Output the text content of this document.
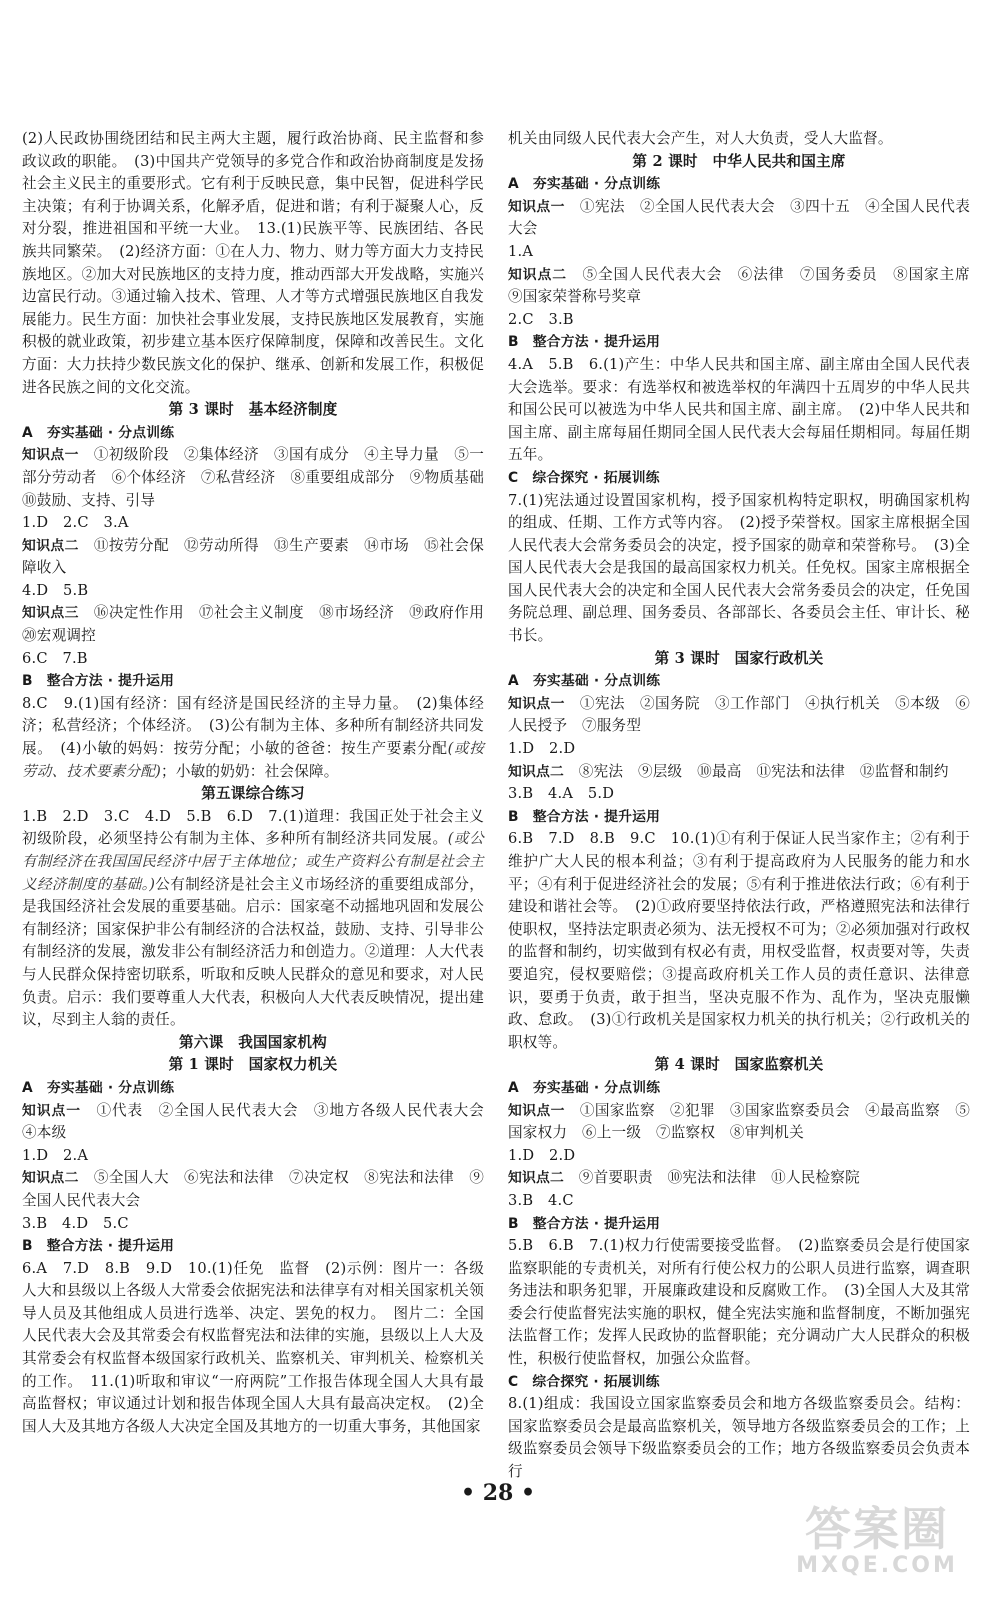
(2)人民政协围绕团结和民主两大主题，履行政治协商、民主监督和参政议政的职能。　(3)中国共产党领导的多党合作和政治协商制度是发扬社会主义民主的重要形式。它有利于反映民意，集中民智，促进科学民主决策；有利于协调关系，化解矛盾，促进和谐；有利于凝聚人心，反对分裂，推进祖国和平统一大业。　13.(1)民族平等、民族团结、各民族共同繁荣。　(2)经济方面：①在人力、物力、财力等方面大力支持民族地区。②加大对民族地区的支持力度，推动西部大开发战略，实施兴边富民行动。③通过输入技术、管理、人才等方式增强民族地区自我发展能力。民生方面：加快社会事业发展，支持民族地区发展教育，实施积极的就业政策，初步建立基本医疗保障制度，保障和改善民生。文化方面：大力扶持少数民族文化的保护、继承、创新和发展工作，积极促进各民族之间的文化交流。

第 3 课时　基本经济制度

A　夯实基础 · 分点训练

知识点一　 ①初级阶段　②集体经济　③国有成分　④主导力量　⑤一部分劳动者　⑥个体经济　⑦私营经济　⑧重要组成部分　⑨物质基础　⑩鼓励、支持、引导

1.D　2.C　3.A

知识点二　 ⑪按劳分配　⑫劳动所得　⑬生产要素　⑭市场　⑮社会保障收入

4.D　5.B

知识点三　 ⑯决定性作用　⑰社会主义制度　⑱市场经济　⑲政府作用　⑳宏观调控

6.C　7.B

B　整合方法 · 提升运用

8.C　9.(1)国有经济：国有经济是国民经济的主导力量。　(2)集体经济；私营经济；个体经济。　(3)公有制为主体、多种所有制经济共同发展。　(4)小敏的妈妈：按劳分配；小敏的爸爸：按生产要素分配(或按劳动、技术要素分配)；小敏的奶奶：社会保障。

第五课综合练习

1.B　2.D　3.C　4.D　5.B　6.D　7.(1)道理：我国正处于社会主义初级阶段，必须坚持公有制为主体、多种所有制经济共同发展。(或公有制经济在我国国民经济中居于主体地位；或生产资料公有制是社会主义经济制度的基础。)公有制经济是社会主义市场经济的重要组成部分，是我国经济社会发展的重要基础。启示：国家毫不动摇地巩固和发展公有制经济；国家保护非公有制经济的合法权益，鼓励、支持、引导非公有制经济的发展，激发非公有制经济活力和创造力。②道理：人大代表与人民群众保持密切联系，听取和反映人民群众的意见和要求，对人民负责。启示：我们要尊重人大代表，积极向人大代表反映情况，提出建议，尽到主人翁的责任。

第六课　我国国家机构

第 1 课时　国家权力机关

A　夯实基础 · 分点训练

知识点一　 ①代表　②全国人民代表大会　③地方各级人民代表大会　④本级

1.D　2.A

知识点二　 ⑤全国人大　⑥宪法和法律　⑦决定权　⑧宪法和法律　⑨全国人民代表大会

3.B　4.D　5.C

B　整合方法 · 提升运用

6.A　7.D　8.B　9.D　10.(1)任免　监督　(2)示例：图片一：各级人大和县级以上各级人大常委会依据宪法和法律享有对相关国家机关领导人员及其他组成人员进行选举、决定、罢免的权力。　图片二：全国人民代表大会及其常委会有权监督宪法和法律的实施，县级以上人大及其常委会有权监督本级国家行政机关、监察机关、审判机关、检察机关的工作。　11.(1)听取和审议“一府两院”工作报告体现全国人大具有最高监督权；审议通过计划和报告体现全国人大具有最高决定权。　(2)全国人大及其地方各级人大决定全国及其地方的一切重大事务，其他国家

机关由同级人民代表大会产生，对人大负责，受人大监督。

第 2 课时　中华人民共和国主席

A　夯实基础 · 分点训练

知识点一　 ①宪法　②全国人民代表大会　③四十五　④全国人民代表大会

1.A

知识点二　 ⑤全国人民代表大会　⑥法律　⑦国务委员　⑧国家主席　⑨国家荣誉称号奖章

2.C　3.B

B　整合方法 · 提升运用

4.A　5.B　6.(1)产生：中华人民共和国主席、副主席由全国人民代表大会选举。要求：有选举权和被选举权的年满四十五周岁的中华人民共和国公民可以被选为中华人民共和国主席、副主席。　(2)中华人民共和国主席、副主席每届任期同全国人民代表大会每届任期相同。每届任期五年。

C　综合探究 · 拓展训练

7.(1)宪法通过设置国家机构，授予国家机构特定职权，明确国家机构的组成、任期、工作方式等内容。　(2)授予荣誉权。国家主席根据全国人民代表大会常务委员会的决定，授予国家的勋章和荣誉称号。　(3)全国人民代表大会是我国的最高国家权力机关。任免权。国家主席根据全国人民代表大会的决定和全国人民代表大会常务委员会的决定，任免国务院总理、副总理、国务委员、各部部长、各委员会主任、审计长、秘书长。

第 3 课时　国家行政机关

A　夯实基础 · 分点训练

知识点一　 ①宪法　②国务院　③工作部门　④执行机关　⑤本级　⑥人民授予　⑦服务型

1.D　2.D

知识点二　 ⑧宪法　⑨层级　⑩最高　⑪宪法和法律　⑫监督和制约

3.B　4.A　5.D

B　整合方法 · 提升运用

6.B　7.D　8.B　9.C　10.(1)①有利于保证人民当家作主；②有利于维护广大人民的根本利益；③有利于提高政府为人民服务的能力和水平；④有利于促进经济社会的发展；⑤有利于推进依法行政；⑥有利于建设和谐社会等。　(2)①政府要坚持依法行政，严格遵照宪法和法律行使职权，坚持法定职责必须为、法无授权不可为；②必须加强对行政权的监督和制约，切实做到有权必有责，用权受监督，权责要对等，失责要追究，侵权要赔偿；③提高政府机关工作人员的责任意识、法律意识，要勇于负责，敢于担当，坚决克服不作为、乱作为，坚决克服懒政、怠政。　(3)①行政机关是国家权力机关的执行机关；②行政机关的职权等。

第 4 课时　国家监察机关

A　夯实基础 · 分点训练

知识点一　 ①国家监察　②犯罪　③国家监察委员会　④最高监察　⑤国家权力　⑥上一级　⑦监察权　⑧审判机关

1.D　2.D

知识点二　 ⑨首要职责　⑩宪法和法律　⑪人民检察院

3.B　4.C

B　整合方法 · 提升运用

5.B　6.B　7.(1)权力行使需要接受监督。　(2)监察委员会是行使国家监察职能的专责机关，对所有行使公权力的公职人员进行监察，调查职务违法和职务犯罪，开展廉政建设和反腐败工作。　(3)全国人大及其常委会行使监督宪法实施的职权，健全宪法实施和监督制度，不断加强宪法监督工作；发挥人民政协的监督职能；充分调动广大人民群众的积极性，积极行使监督权，加强公众监督。

C　综合探究 · 拓展训练

8.(1)组成：我国设立国家监察委员会和地方各级监察委员会。结构：国家监察委员会是最高监察机关，领导地方各级监察委员会的工作；上级监察委员会领导下级监察委员会的工作；地方各级监察委员会负责本行

• 28 •
答案圈
MXQE.COM
